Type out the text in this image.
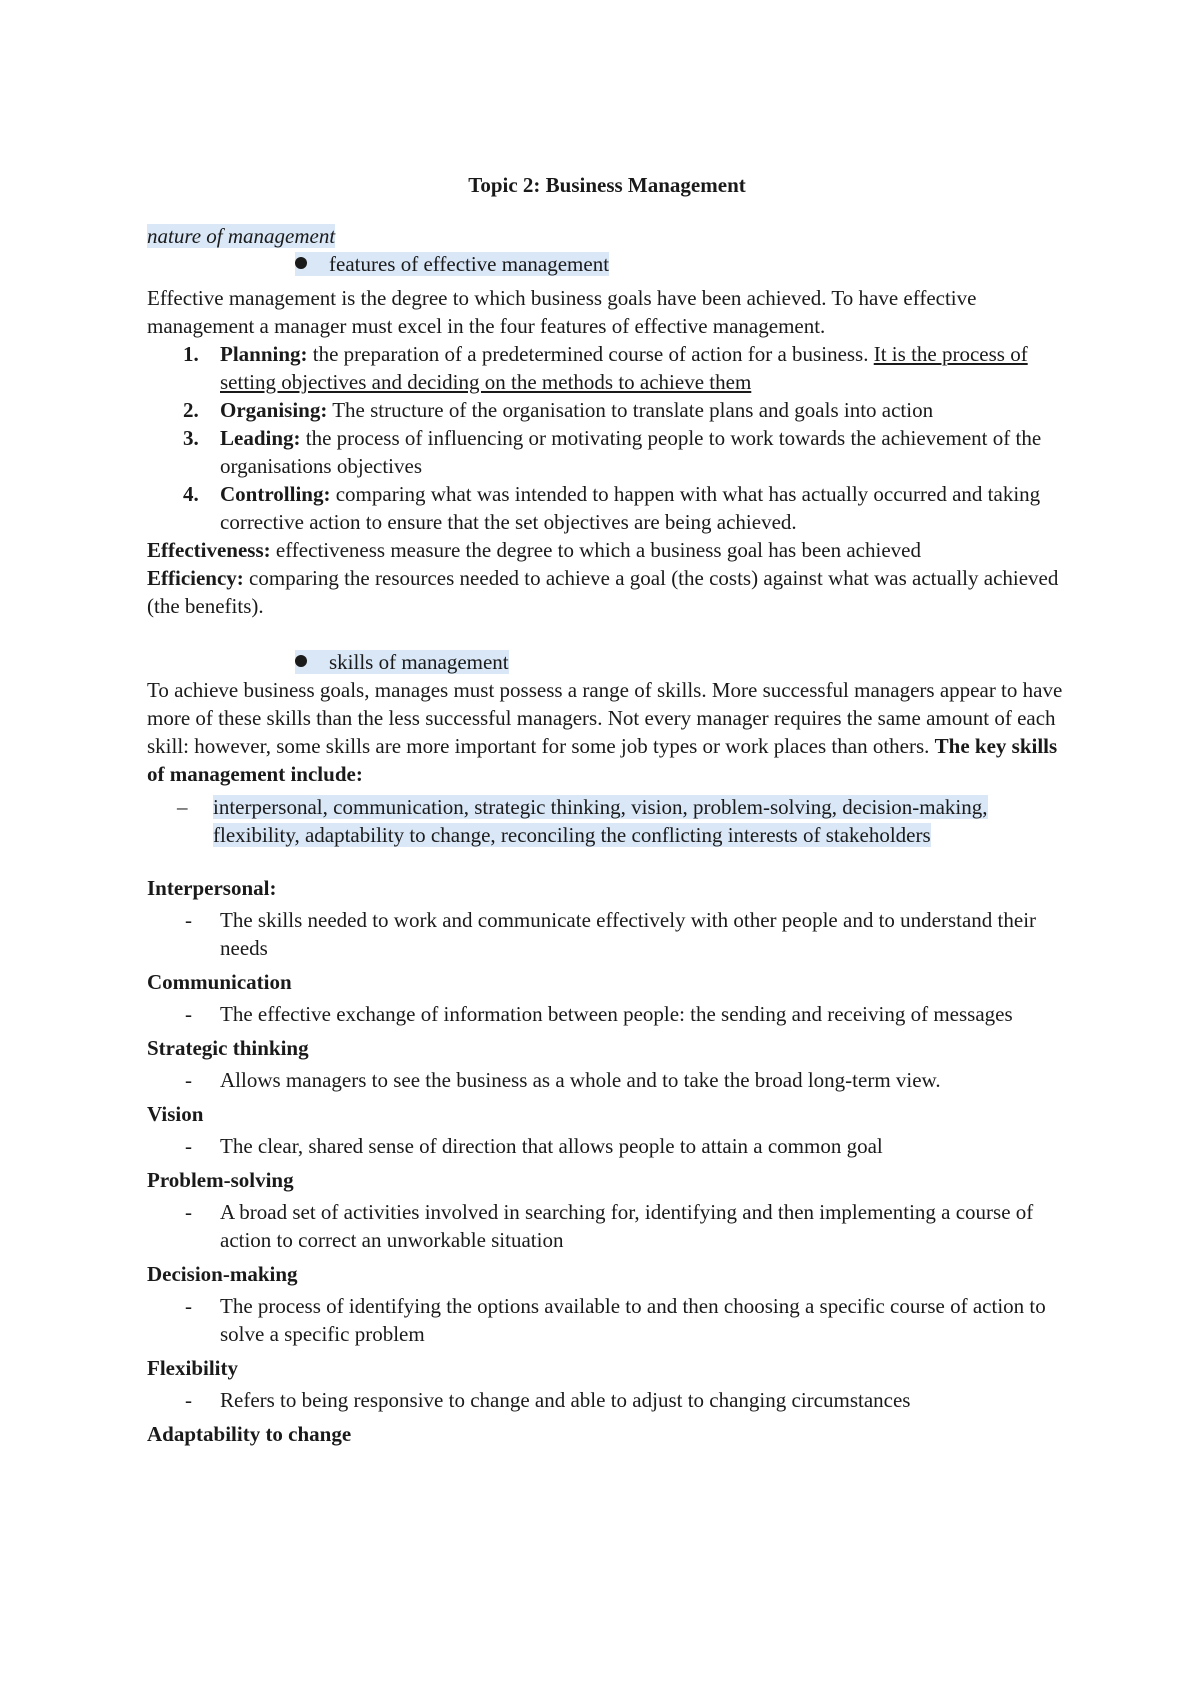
Topic 2: Business Management
nature of management
features of effective management
Effective management is the degree to which business goals have been achieved. To have effective management a manager must excel in the four features of effective management.
1. Planning: the preparation of a predetermined course of action for a business. It is the process of setting objectives and deciding on the methods to achieve them
2. Organising: The structure of the organisation to translate plans and goals into action
3. Leading: the process of influencing or motivating people to work towards the achievement of the organisations objectives
4. Controlling: comparing what was intended to happen with what has actually occurred and taking corrective action to ensure that the set objectives are being achieved.
Effectiveness: effectiveness measure the degree to which a business goal has been achieved
Efficiency: comparing the resources needed to achieve a goal (the costs) against what was actually achieved (the benefits).
skills of management
To achieve business goals, manages must possess a range of skills. More successful managers appear to have more of these skills than the less successful managers. Not every manager requires the same amount of each skill: however, some skills are more important for some job types or work places than others. The key skills of management include:
– interpersonal, communication, strategic thinking, vision, problem-solving, decision-making, flexibility, adaptability to change, reconciling the conflicting interests of stakeholders
Interpersonal:
- The skills needed to work and communicate effectively with other people and to understand their needs
Communication
- The effective exchange of information between people: the sending and receiving of messages
Strategic thinking
- Allows managers to see the business as a whole and to take the broad long-term view.
Vision
- The clear, shared sense of direction that allows people to attain a common goal
Problem-solving
- A broad set of activities involved in searching for, identifying and then implementing a course of action to correct an unworkable situation
Decision-making
- The process of identifying the options available to and then choosing a specific course of action to solve a specific problem
Flexibility
- Refers to being responsive to change and able to adjust to changing circumstances
Adaptability to change
